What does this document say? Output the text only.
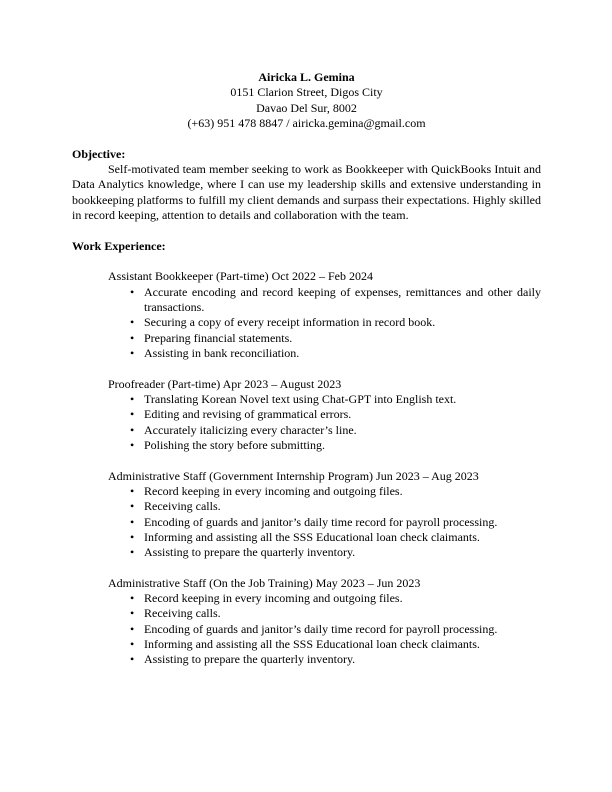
Airicka L. Gemina
0151 Clarion Street, Digos City
Davao Del Sur, 8002
(+63) 951 478 8847 / airicka.gemina@gmail.com
Objective:
Self-motivated team member seeking to work as Bookkeeper with QuickBooks Intuit and Data Analytics knowledge, where I can use my leadership skills and extensive understanding in bookkeeping platforms to fulfill my client demands and surpass their expectations. Highly skilled in record keeping, attention to details and collaboration with the team.
Work Experience:
Assistant Bookkeeper (Part-time) Oct 2022 – Feb 2024
• Accurate encoding and record keeping of expenses, remittances and other daily transactions.
• Securing a copy of every receipt information in record book.
• Preparing financial statements.
• Assisting in bank reconciliation.
Proofreader (Part-time) Apr 2023 – August 2023
• Translating Korean Novel text using Chat-GPT into English text.
• Editing and revising of grammatical errors.
• Accurately italicizing every character’s line.
• Polishing the story before submitting.
Administrative Staff (Government Internship Program) Jun 2023 – Aug 2023
• Record keeping in every incoming and outgoing files.
• Receiving calls.
• Encoding of guards and janitor’s daily time record for payroll processing.
• Informing and assisting all the SSS Educational loan check claimants.
• Assisting to prepare the quarterly inventory.
Administrative Staff (On the Job Training) May 2023 – Jun 2023
• Record keeping in every incoming and outgoing files.
• Receiving calls.
• Encoding of guards and janitor’s daily time record for payroll processing.
• Informing and assisting all the SSS Educational loan check claimants.
• Assisting to prepare the quarterly inventory.
